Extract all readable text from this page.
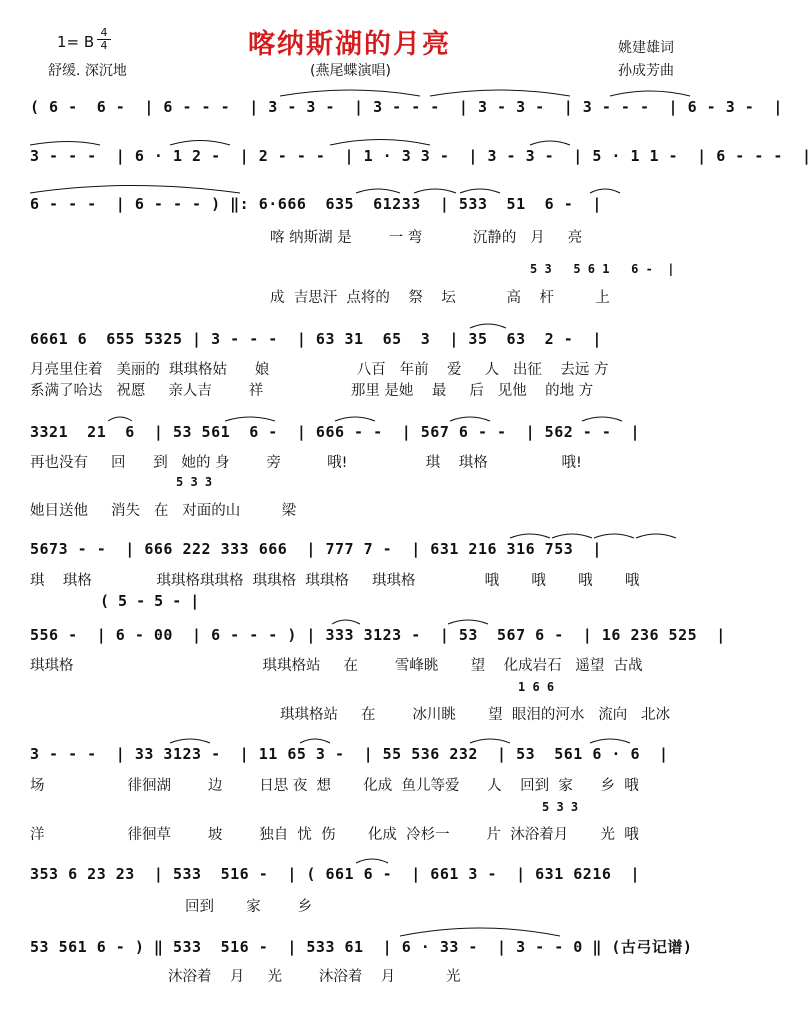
喀纳斯湖的月亮
1= B
4
4
舒缓. 深沉地	(燕尾蝶演唱)
姚建雄词
孙成芳曲
( 6 -  6 -  | 6 - - -  | 3 - 3 -  | 3 - - -  | 3 - 3 -  | 3 - - -  | 6 - 3 -  |
3 - - -  | 6 · 1 2 -  | 2 - - -  | 1 · 3 3 -  | 3 - 3 -  | 5 · 1 1 -  | 6 - - -  |
6 - - -  | 6 - - - ) ‖: 6·666  635  61233  | 533  51  6 -  |
6661 6  655 5325 | 3 - - -  | 63 31  65  3  | 35  63  2 -  |
3321  21  6  | 53 561  6 -  | 666 - -  | 567 6 - -  | 562 - -  |
5673 - -  | 666 222 333 666  | 777 7 -  | 631 216 316 753  |
556 -  | 6 - 00  | 6 - - - ) | 333 3123 -  | 53  567 6 -  | 16 236 525  |
3 - - -  | 33 3123 -  | 11 65 3 -  | 55 536 232  | 53  561 6 · 6  |
353 6 23 23  | 533  516 -  | ( 661 6 -  | 661 3 -  | 631 6216  |
53 561 6 - ) ‖ 533  516 -  | 533 61  | 6 · 33 -  | 3 - - 0 ‖ (古弓记谱)
喀 纳斯湖 是        一 弯           沉静的   月     亮
成  吉思汗  点将的    祭    坛           高    杆         上
月亮里住着   美丽的  琪琪格姑      娘                   八百   年前    爱     人   出征    去远 方
系满了哈达   祝愿     亲人吉        祥                   那里 是她    最     后   见他    的地 方
再也没有     回      到   她的 身        旁          哦!                 琪    琪格                哦!
她目送他     消失   在   对面的山         梁
琪    琪格              琪琪格琪琪格  琪琪格  琪琪格     琪琪格               哦       哦       哦       哦
琪琪格                                         琪琪格站     在        雪峰眺       望    化成岩石   遥望  古战
琪琪格站     在        冰川眺       望  眼泪的河水   流向   北冰
场                  徘徊湖        边        日思 夜  想       化成  鱼儿等爱      人    回到  家      乡  哦
洋                  徘徊草        坡        独自  忧  伤       化成  冷杉一        片  沐浴着月       光  哦
回到       家        乡
沐浴着    月     光        沐浴着    月           光
5 3   5 6 1   6 -  |
5 3 3
( 5 - 5 - |
1 6 6
5 3 3
